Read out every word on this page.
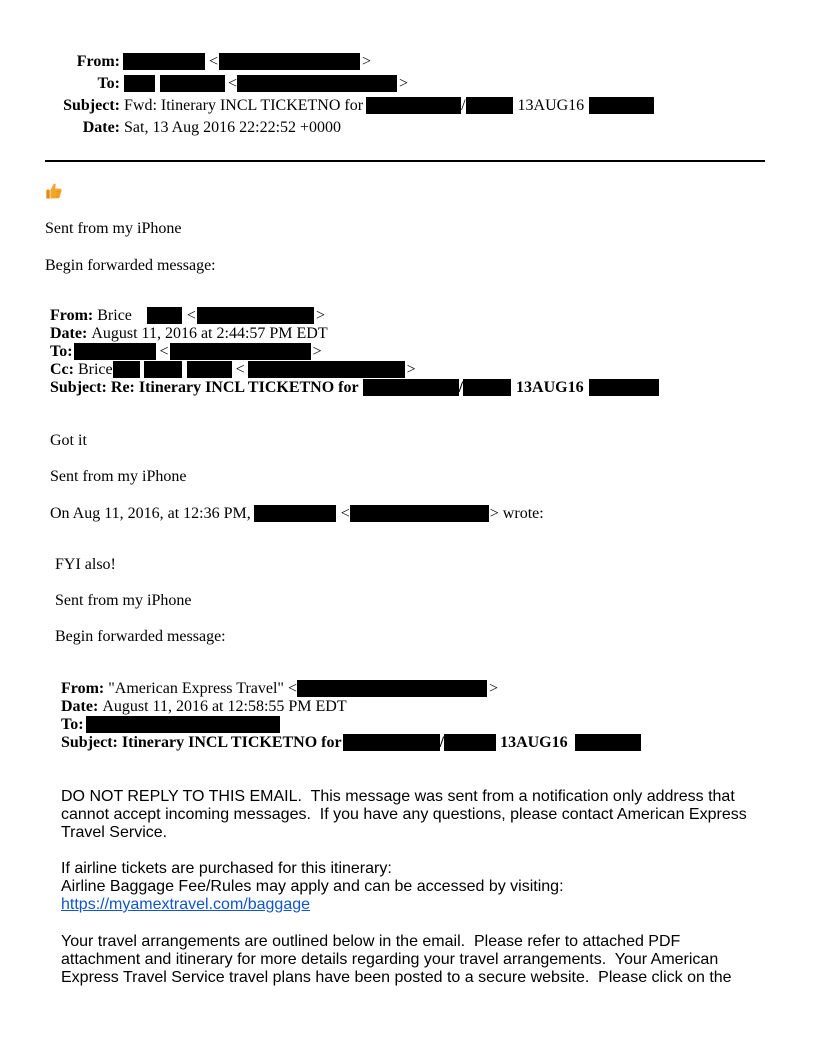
From:	<	>
To:	<	>
Subject: Fwd: Itinerary INCL TICKETNO for	/	13AUG16
Date: Sat, 13 Aug 2016 22:22:52 +0000
Sent from my iPhone
Begin forwarded message:
From: Brice	<	>
Date: August 11, 2016 at 2:44:57 PM EDT
To:	<	>
Cc: Brice	<	>
Subject: Re: Itinerary INCL TICKETNO for	/	13AUG16
Got it
Sent from my iPhone
On Aug 11, 2016, at 12:36 PM,	<	> wrote:
FYI also!
Sent from my iPhone
Begin forwarded message:
From: "American Express Travel" <	>
Date: August 11, 2016 at 12:58:55 PM EDT
To:
Subject: Itinerary INCL TICKETNO for	/	13AUG16
DO NOT REPLY TO THIS EMAIL.  This message was sent from a notification only address that
cannot accept incoming messages.  If you have any questions, please contact American Express
Travel Service.
If airline tickets are purchased for this itinerary:
Airline Baggage Fee/Rules may apply and can be accessed by visiting:
https://myamextravel.com/baggage
Your travel arrangements are outlined below in the email.  Please refer to attached PDF
attachment and itinerary for more details regarding your travel arrangements.  Your American
Express Travel Service travel plans have been posted to a secure website.  Please click on the
